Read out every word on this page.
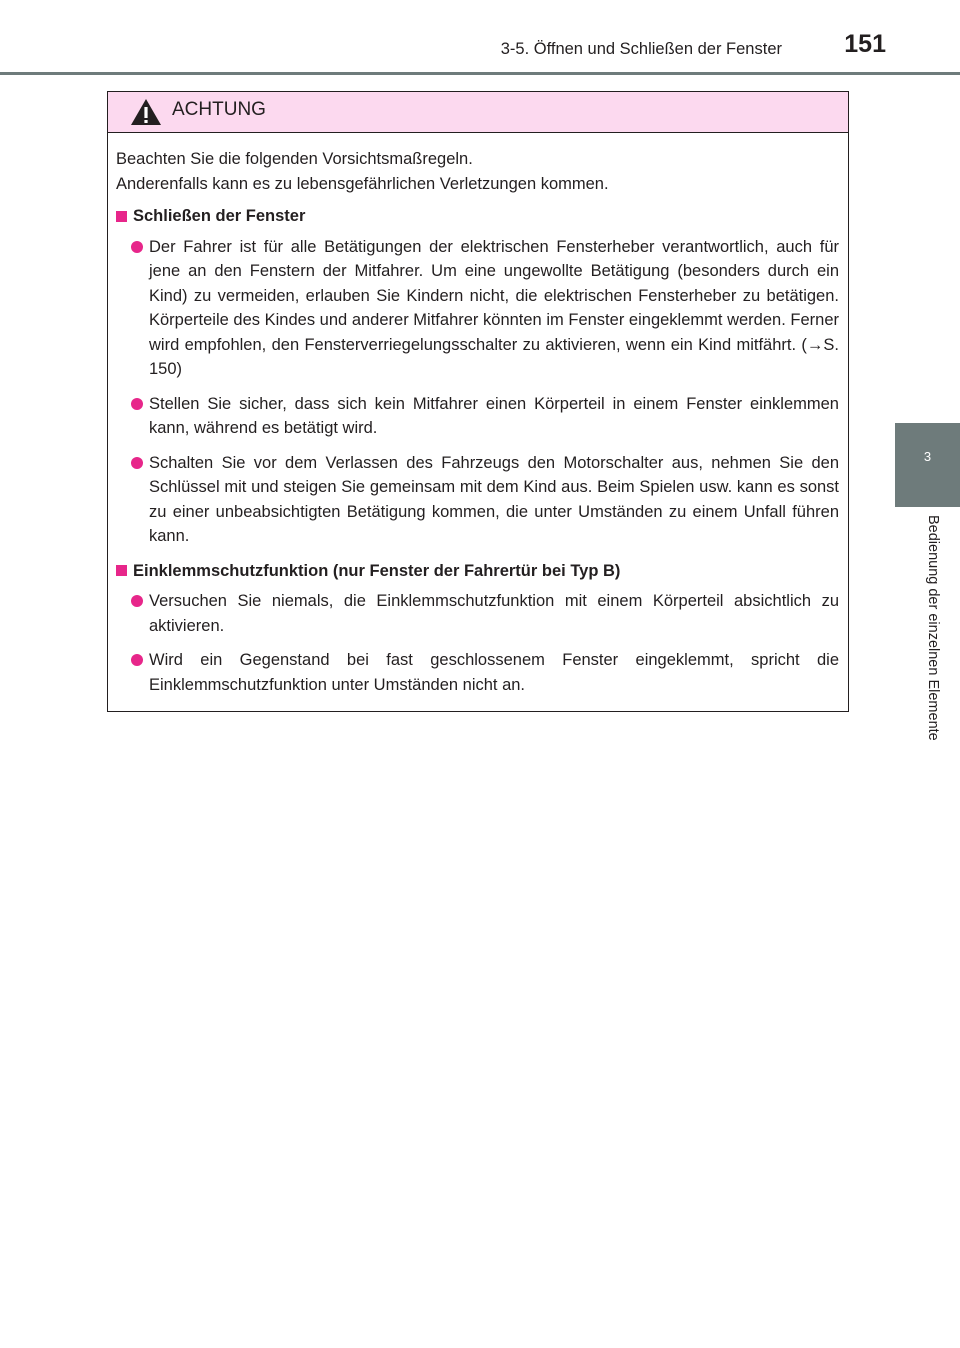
3-5. Öffnen und Schließen der Fenster	151
3
Bedienung der einzelnen Elemente
ACHTUNG

Beachten Sie die folgenden Vorsichtsmaßregeln.

Anderenfalls kann es zu lebensgefährlichen Verletzungen kommen.

Schließen der Fenster
Der Fahrer ist für alle Betätigungen der elektrischen Fensterheber verantwortlich, auch für jene an den Fenstern der Mitfahrer. Um eine ungewollte Betätigung (besonders durch ein Kind) zu vermeiden, erlauben Sie Kindern nicht, die elektrischen Fensterheber zu betätigen. Körperteile des Kindes und anderer Mitfahrer könnten im Fenster eingeklemmt werden. Ferner wird empfohlen, den Fensterverriegelungsschalter zu aktivieren, wenn ein Kind mitfährt. (→S. 150)
Stellen Sie sicher, dass sich kein Mitfahrer einen Körperteil in einem Fenster einklemmen kann, während es betätigt wird.
Schalten Sie vor dem Verlassen des Fahrzeugs den Motorschalter aus, nehmen Sie den Schlüssel mit und steigen Sie gemeinsam mit dem Kind aus. Beim Spielen usw. kann es sonst zu einer unbeabsichtigten Betätigung kommen, die unter Umständen zu einem Unfall führen kann.
Einklemmschutzfunktion (nur Fenster der Fahrertür bei Typ B)
Versuchen Sie niemals, die Einklemmschutzfunktion mit einem Körperteil absichtlich zu aktivieren.
Wird ein Gegenstand bei fast geschlossenem Fenster eingeklemmt, spricht die Einklemmschutzfunktion unter Umständen nicht an.
